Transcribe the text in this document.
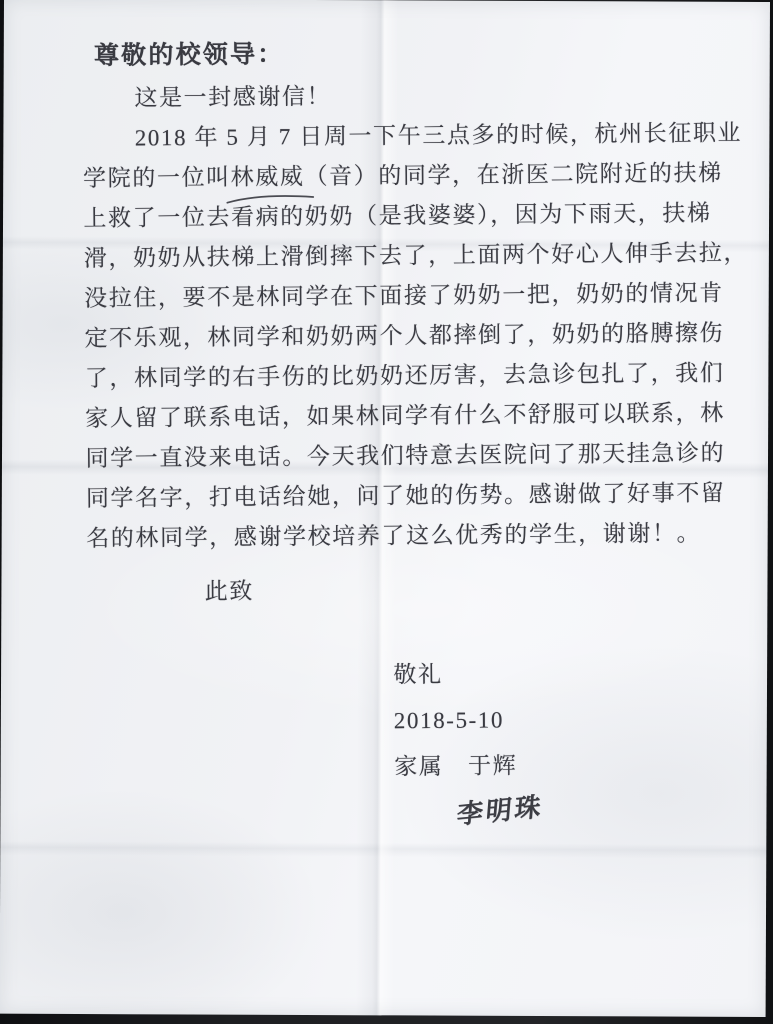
尊敬的校领导：
这是一封感谢信！
2018 年 5 月 7 日周一下午三点多的时候，杭州长征职业
学院的一位叫林威威
（音）的同学，在浙医二院附近的扶梯
上救了一位去看病的奶奶（是我婆婆），因为下雨天，扶梯
滑，奶奶从扶梯上滑倒摔下去了，上面两个好心人伸手去拉，
没拉住，要不是林同学在下面接了奶奶一把，奶奶的情况肯
定不乐观，林同学和奶奶两个人都摔倒了，奶奶的胳膊擦伤
了，林同学的右手伤的比奶奶还厉害，去急诊包扎了，我们
家人留了联系电话，如果林同学有什么不舒服可以联系，林
同学一直没来电话。今天我们特意去医院问了那天挂急诊的
同学名字，打电话给她，问了她的伤势。感谢做了好事不留
名的林同学，感谢学校培养了这么优秀的学生，谢谢！。
此致
敬礼
2018-5-10
家属　于辉
李明珠
